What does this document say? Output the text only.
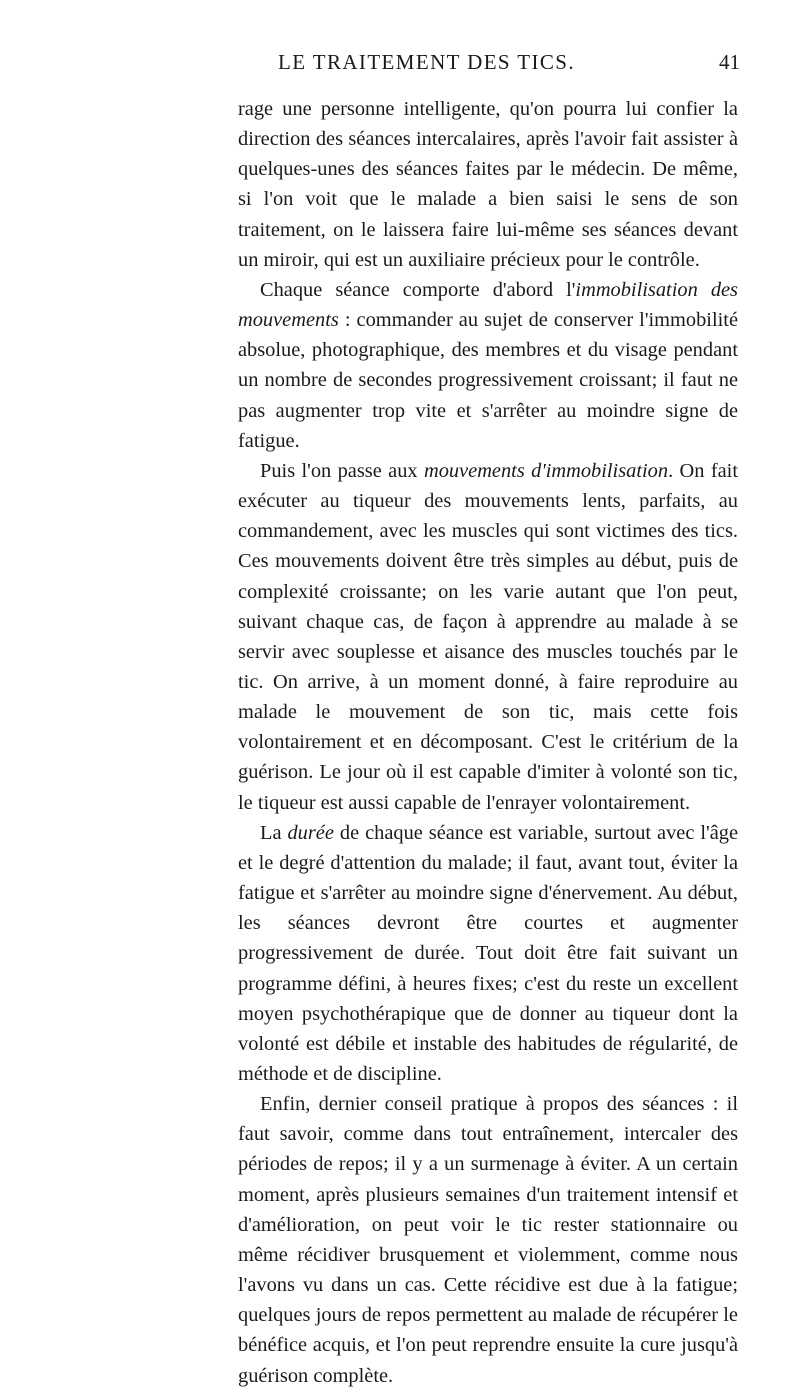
LE TRAITEMENT DES TICS.	41

rage une personne intelligente, qu'on pourra lui confier la direction des séances intercalaires, après l'avoir fait assister à quelques-unes des séances faites par le médecin. De même, si l'on voit que le malade a bien saisi le sens de son traitement, on le laissera faire lui-même ses séances devant un miroir, qui est un auxiliaire précieux pour le contrôle.

Chaque séance comporte d'abord l'immobilisation des mouvements : commander au sujet de conserver l'immobilité absolue, photographique, des membres et du visage pendant un nombre de secondes progressivement croissant; il faut ne pas augmenter trop vite et s'arrêter au moindre signe de fatigue.

Puis l'on passe aux mouvements d'immobilisation. On fait exécuter au tiqueur des mouvements lents, parfaits, au commandement, avec les muscles qui sont victimes des tics. Ces mouvements doivent être très simples au début, puis de complexité croissante; on les varie autant que l'on peut, suivant chaque cas, de façon à apprendre au malade à se servir avec souplesse et aisance des muscles touchés par le tic. On arrive, à un moment donné, à faire reproduire au malade le mouvement de son tic, mais cette fois volontairement et en décomposant. C'est le critérium de la guérison. Le jour où il est capable d'imiter à volonté son tic, le tiqueur est aussi capable de l'enrayer volontairement.

La durée de chaque séance est variable, surtout avec l'âge et le degré d'attention du malade; il faut, avant tout, éviter la fatigue et s'arrêter au moindre signe d'énervement. Au début, les séances devront être courtes et augmenter progressivement de durée. Tout doit être fait suivant un programme défini, à heures fixes; c'est du reste un excellent moyen psychothérapique que de donner au tiqueur dont la volonté est débile et instable des habitudes de régularité, de méthode et de discipline.

Enfin, dernier conseil pratique à propos des séances : il faut savoir, comme dans tout entraînement, intercaler des périodes de repos; il y a un surmenage à éviter. A un certain moment, après plusieurs semaines d'un traitement intensif et d'amélioration, on peut voir le tic rester stationnaire ou même récidiver brusquement et violemment, comme nous l'avons vu dans un cas. Cette récidive est due à la fatigue; quelques jours de repos permettent au malade de récupérer le bénéfice acquis, et l'on peut reprendre ensuite la cure jusqu'à guérison complète.
